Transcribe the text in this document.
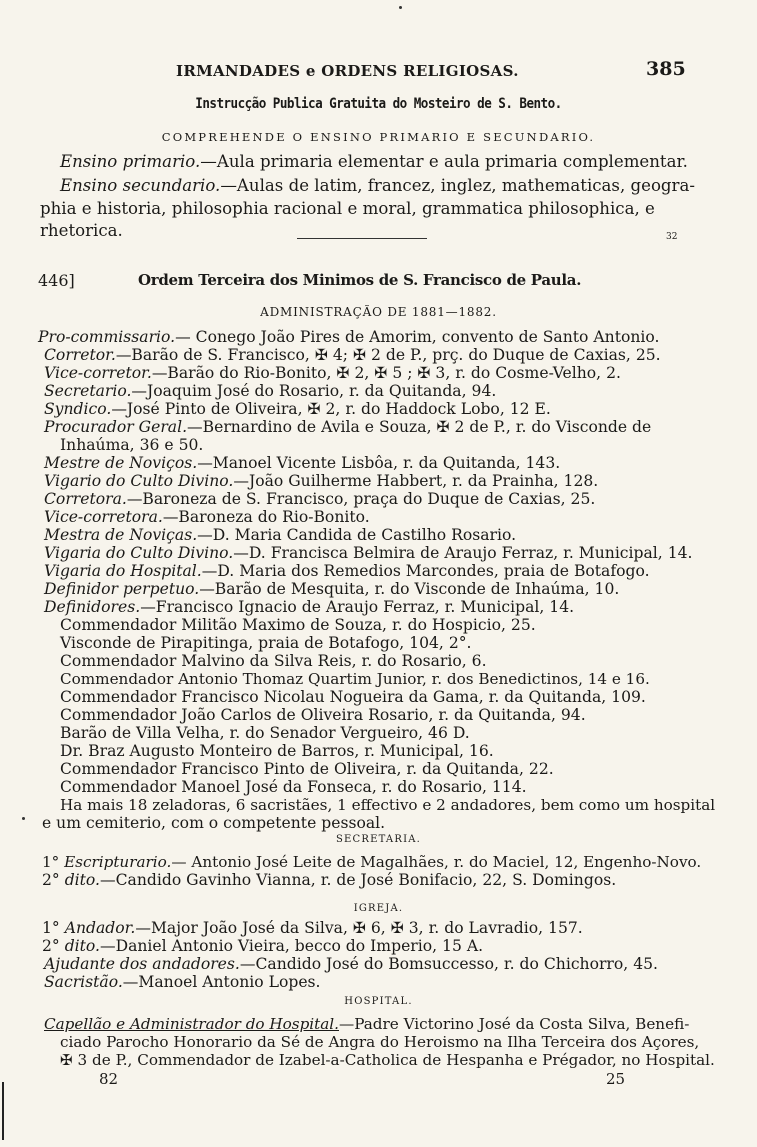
IRMANDADES e ORDENS RELIGIOSAS.	385
Instrucção Publica Gratuita do Mosteiro de S. Bento.
COMPREHENDE O ENSINO PRIMARIO E SECUNDARIO.
Ensino primario.—Aula primaria elementar e aula primaria complementar.
Ensino secundario.—Aulas de latim, francez, inglez, mathematicas, geogra-
phia e historia, philosophia racional e moral, grammatica philosophica, e
rhetorica.	32
446]	Ordem Terceira dos Minimos de S. Francisco de Paula.
ADMINISTRAÇÃO DE 1881—1882.
Pro-commissario.— Conego João Pires de Amorim, convento de Santo Antonio.
Corretor.—Barão de S. Francisco, ✠ 4; ✠ 2 de P., prç. do Duque de Caxias, 25.
Vice-corretor.—Barão do Rio-Bonito, ✠ 2, ✠ 5 ; ✠ 3, r. do Cosme-Velho, 2.
Secretario.—Joaquim José do Rosario, r. da Quitanda, 94.
Syndico.—José Pinto de Oliveira, ✠ 2, r. do Haddock Lobo, 12 E.
Procurador Geral.—Bernardino de Avila e Souza, ✠ 2 de P., r. do Visconde de
Inhaúma, 36 e 50.
Mestre de Noviços.—Manoel Vicente Lisbôa, r. da Quitanda, 143.
Vigario do Culto Divino.—João Guilherme Habbert, r. da Prainha, 128.
Corretora.—Baroneza de S. Francisco, praça do Duque de Caxias, 25.
Vice-corretora.—Baroneza do Rio-Bonito.
Mestra de Noviças.—D. Maria Candida de Castilho Rosario.
Vigaria do Culto Divino.—D. Francisca Belmira de Araujo Ferraz, r. Municipal, 14.
Vigaria do Hospital.—D. Maria dos Remedios Marcondes, praia de Botafogo.
Definidor perpetuo.—Barão de Mesquita, r. do Visconde de Inhaúma, 10.
Definidores.—Francisco Ignacio de Araujo Ferraz, r. Municipal, 14.
Commendador Militão Maximo de Souza, r. do Hospicio, 25.
Visconde de Pirapitinga, praia de Botafogo, 104, 2°.
Commendador Malvino da Silva Reis, r. do Rosario, 6.
Commendador Antonio Thomaz Quartim Junior, r. dos Benedictinos, 14 e 16.
Commendador Francisco Nicolau Nogueira da Gama, r. da Quitanda, 109.
Commendador João Carlos de Oliveira Rosario, r. da Quitanda, 94.
Barão de Villa Velha, r. do Senador Vergueiro, 46 D.
Dr. Braz Augusto Monteiro de Barros, r. Municipal, 16.
Commendador Francisco Pinto de Oliveira, r. da Quitanda, 22.
Commendador Manoel José da Fonseca, r. do Rosario, 114.
Ha mais 18 zeladoras, 6 sacristães, 1 effectivo e 2 andadores, bem como um hospital
e um cemiterio, com o competente pessoal.
SECRETARIA.
1° Escripturario.— Antonio José Leite de Magalhães, r. do Maciel, 12, Engenho-Novo.
2° dito.—Candido Gavinho Vianna, r. de José Bonifacio, 22, S. Domingos.
IGREJA.
1° Andador.—Major João José da Silva, ✠ 6, ✠ 3, r. do Lavradio, 157.
2° dito.—Daniel Antonio Vieira, becco do Imperio, 15 A.
Ajudante dos andadores.—Candido José do Bomsuccesso, r. do Chichorro, 45.
Sacristão.—Manoel Antonio Lopes.
HOSPITAL.
Capellão e Administrador do Hospital.—Padre Victorino José da Costa Silva, Benefi-
ciado Parocho Honorario da Sé de Angra do Heroismo na Ilha Terceira dos Açores,
✠ 3 de P., Commendador de Izabel-a-Catholica de Hespanha e Prégador, no Hospital.
82	25
